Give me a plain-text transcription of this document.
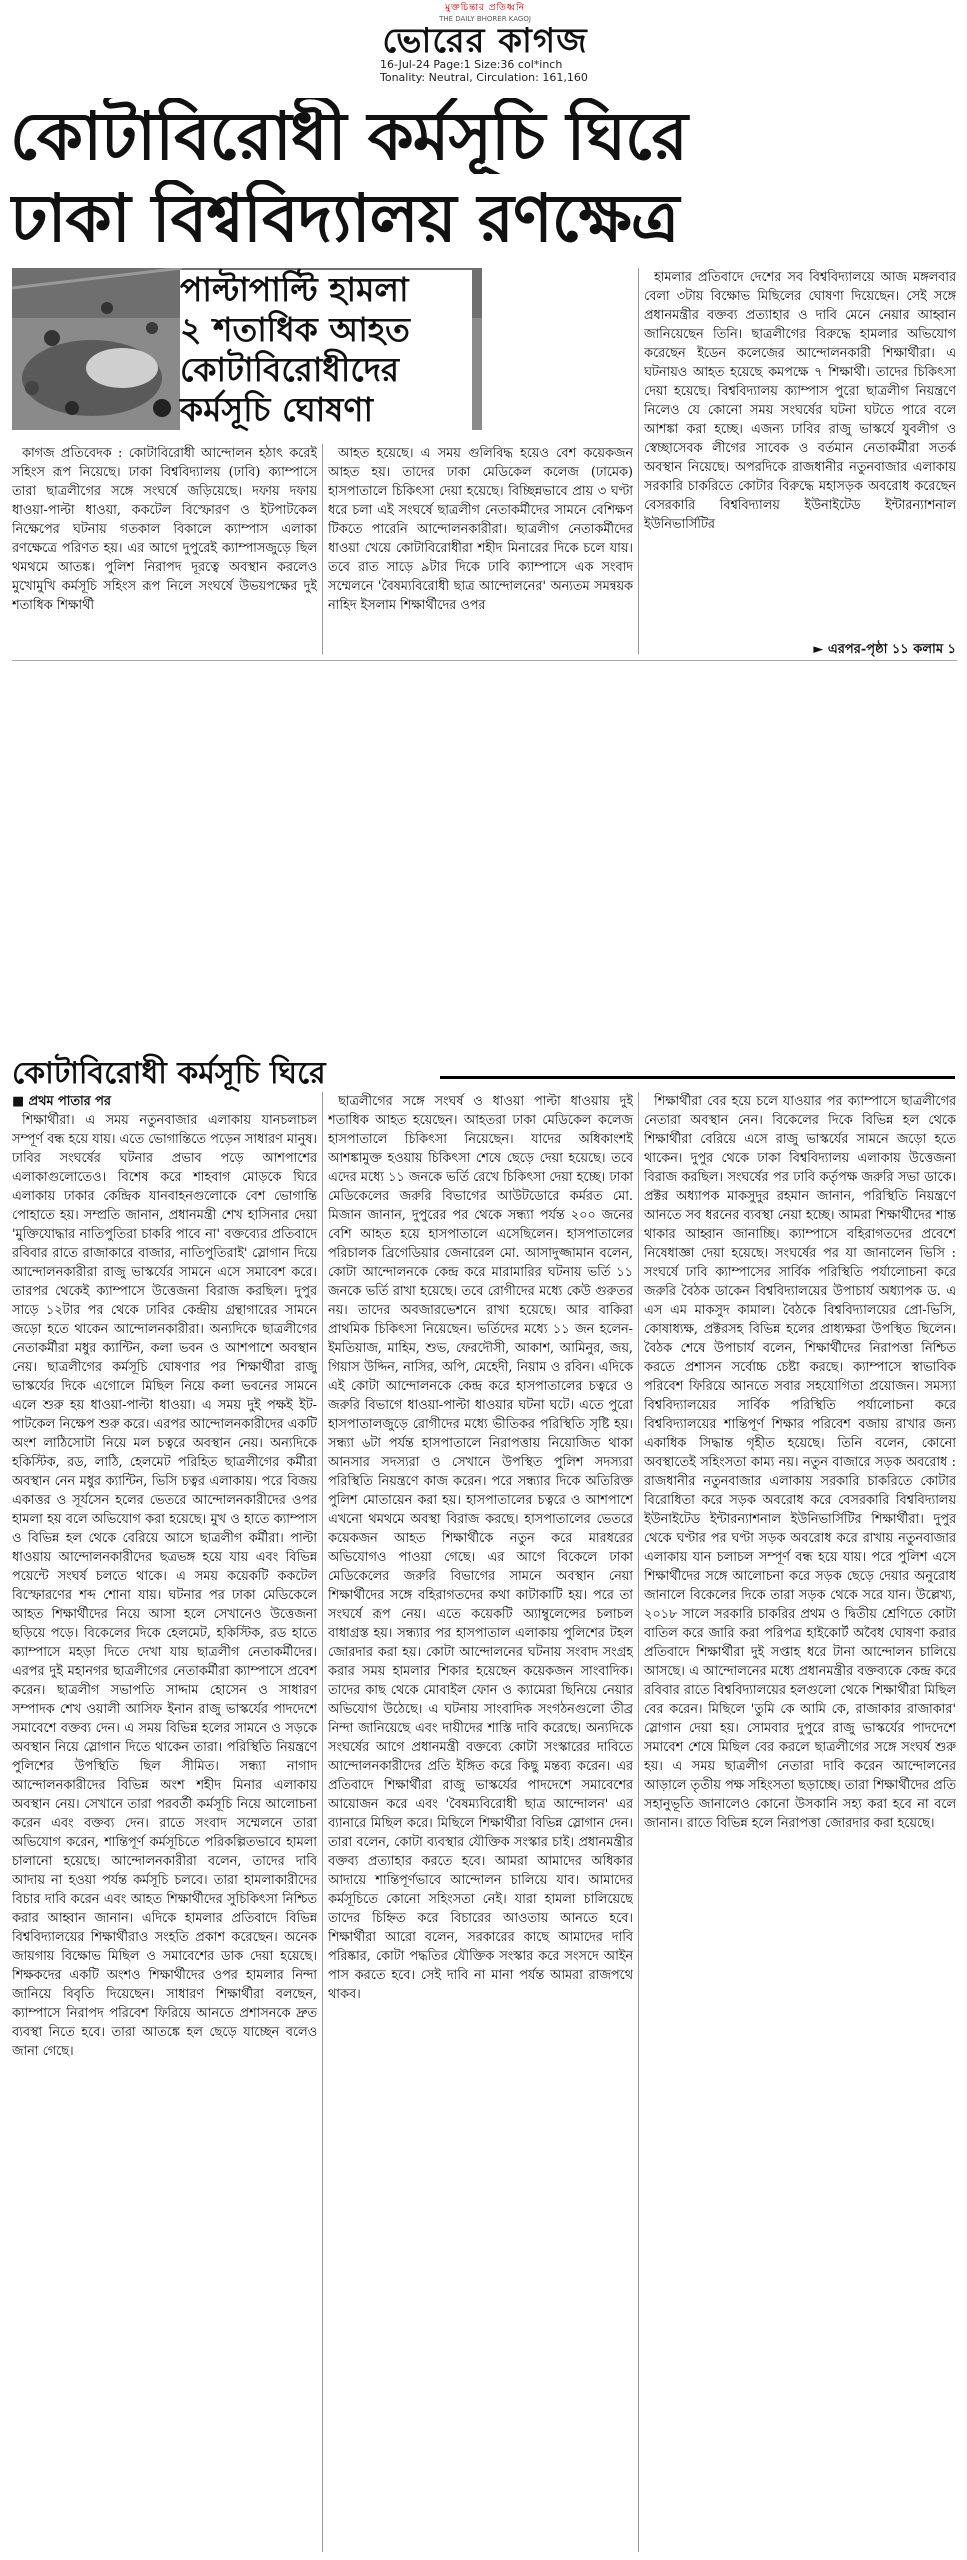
মুক্তচিন্তার প্রতিধ্বনি
THE DAILY BHORER KAGOJ
ভোরের কাগজ
16-Jul-24 Page:1 Size:36 col*inch
Tonality: Neutral, Circulation: 161,160
কোটাবিরোধী কর্মসূচি ঘিরে
ঢাকা বিশ্ববিদ্যালয় রণক্ষেত্র
পাল্টাপাল্টি হামলা
২ শতাধিক আহত
কোটাবিরোধীদের
কর্মসূচি ঘোষণা

কাগজ প্রতিবেদক : কোটাবিরোধী আন্দোলন হঠাৎ করেই সহিংস রূপ নিয়েছে। ঢাকা বিশ্ববিদ্যালয় (ঢাবি) ক্যাম্পাসে তারা ছাত্রলীগের সঙ্গে সংঘর্ষে জড়িয়েছে। দফায় দফায় ধাওয়া-পাল্টা ধাওয়া, ককটেল বিস্ফোরণ ও ইটপাটকেল নিক্ষেপের ঘটনায় গতকাল বিকালে ক্যাম্পাস এলাকা রণক্ষেত্রে পরিণত হয়। এর আগে দুপুরেই ক্যাম্পাসজুড়ে ছিল থমথমে আতঙ্ক। পুলিশ নিরাপদ দূরত্বে অবস্থান করলেও মুখোমুখি কর্মসূচি সহিংস রূপ নিলে সংঘর্ষে উভয়পক্ষের দুই শতাধিক শিক্ষার্থী

আহত হয়েছে। এ সময় গুলিবিদ্ধ হয়েও বেশ কয়েকজন আহত হয়। তাদের ঢাকা মেডিকেল কলেজ (ঢামেক) হাসপাতালে চিকিৎসা দেয়া হয়েছে। বিচ্ছিন্নভাবে প্রায় ৩ ঘণ্টা ধরে চলা এই সংঘর্ষে ছাত্রলীগ নেতাকর্মীদের সামনে বেশিক্ষণ টিকতে পারেনি আন্দোলনকারীরা। ছাত্রলীগ নেতাকর্মীদের ধাওয়া খেয়ে কোটাবিরোধীরা শহীদ মিনারের দিকে চলে যায়। তবে রাত সাড়ে ৯টার দিকে ঢাবি ক্যাম্পাসে এক সংবাদ সম্মেলনে 'বৈষম্যবিরোধী ছাত্র আন্দোলনের' অন্যতম সমন্বয়ক নাহিদ ইসলাম শিক্ষার্থীদের ওপর

হামলার প্রতিবাদে দেশের সব বিশ্ববিদ্যালয়ে আজ মঙ্গলবার বেলা ৩টায় বিক্ষোভ মিছিলের ঘোষণা দিয়েছেন। সেই সঙ্গে প্রধানমন্ত্রীর বক্তব্য প্রত্যাহার ও দাবি মেনে নেয়ার আহ্বান জানিয়েছেন তিনি। ছাত্রলীগের বিরুদ্ধে হামলার অভিযোগ করেছেন ইডেন কলেজের আন্দোলনকারী শিক্ষার্থীরা। এ ঘটনায়ও আহত হয়েছে কমপক্ষে ৭ শিক্ষার্থী। তাদের চিকিৎসা দেয়া হয়েছে। বিশ্ববিদ্যালয় ক্যাম্পাস পুরো ছাত্রলীগ নিয়ন্ত্রণে নিলেও যে কোনো সময় সংঘর্ষের ঘটনা ঘটতে পারে বলে আশঙ্কা করা হচ্ছে। এজন্য ঢাবির রাজু ভাস্কর্যে যুবলীগ ও স্বেচ্ছাসেবক লীগের সাবেক ও বর্তমান নেতাকর্মীরা সতর্ক অবস্থান নিয়েছে। অপরদিকে রাজধানীর নতুনবাজার এলাকায় সরকারি চাকরিতে কোটার বিরুদ্ধে মহাসড়ক অবরোধ করেছেন বেসরকারি বিশ্ববিদ্যালয় ইউনাইটেড ইন্টারন্যাশনাল ইউনিভার্সিটির

► এরপর-পৃষ্ঠা ১১ কলাম ১
কোটাবিরোধী কর্মসূচি ঘিরে
■ প্রথম পাতার পর

শিক্ষার্থীরা। এ সময় নতুনবাজার এলাকায় যানচলাচল সম্পূর্ণ বন্ধ হয়ে যায়। এতে ভোগান্তিতে পড়েন সাধারণ মানুষ। ঢাবির সংঘর্ষের ঘটনার প্রভাব পড়ে আশপাশের এলাকাগুলোতেও। বিশেষ করে শাহবাগ মোড়কে ঘিরে এলাকায় ঢাকার কেন্দ্রিক যানবাহনগুলোকে বেশ ভোগান্তি পোহাতে হয়। সম্প্রতি জানান, প্রধানমন্ত্রী শেখ হাসিনার দেয়া 'মুক্তিযোদ্ধার নাতিপুতিরা চাকরি পাবে না' বক্তব্যের প্রতিবাদে রবিবার রাতে রাজাকারে বাজার, নাতিপুতিরাই' স্লোগান দিয়ে আন্দোলনকারীরা রাজু ভাস্কর্যের সামনে এসে সমাবেশ করে। তারপর থেকেই ক্যাম্পাসে উত্তেজনা বিরাজ করছিল। দুপুর সাড়ে ১২টার পর থেকে ঢাবির কেন্দ্রীয় গ্রন্থাগারের সামনে জড়ো হতে থাকেন আন্দোলনকারীরা। অন্যদিকে ছাত্রলীগের নেতাকর্মীরা মধুর ক্যান্টিন, কলা ভবন ও আশপাশে অবস্থান নেয়। ছাত্রলীগের কর্মসূচি ঘোষণার পর শিক্ষার্থীরা রাজু ভাস্কর্যের দিকে এগোলে মিছিল নিয়ে কলা ভবনের সামনে এলে শুরু হয় ধাওয়া-পাল্টা ধাওয়া। এ সময় দুই পক্ষই ইট-পাটকেল নিক্ষেপ শুরু করে। এরপর আন্দোলনকারীদের একটি অংশ লাঠিসোটা নিয়ে মল চত্বরে অবস্থান নেয়। অন্যদিকে হকিস্টিক, রড, লাঠি, হেলমেট পরিহিত ছাত্রলীগের কর্মীরা অবস্থান নেন মধুর ক্যান্টিন, ভিসি চত্বর এলাকায়। পরে বিজয় একাত্তর ও সূর্যসেন হলের ভেতরে আন্দোলনকারীদের ওপর হামলা হয় বলে অভিযোগ করা হয়েছে। মুখ ও হাতে ক্যাম্পাস ও বিভিন্ন হল থেকে বেরিয়ে আসে ছাত্রলীগ কর্মীরা। পাল্টা ধাওয়ায় আন্দোলনকারীদের ছত্রভঙ্গ হয়ে যায় এবং বিভিন্ন পয়েন্টে সংঘর্ষ চলতে থাকে। এ সময় কয়েকটি ককটেল বিস্ফোরণের শব্দ শোনা যায়। ঘটনার পর ঢাকা মেডিকেলে আহত শিক্ষার্থীদের নিয়ে আসা হলে সেখানেও উত্তেজনা ছড়িয়ে পড়ে। বিকেলের দিকে হেলমেট, হকিস্টিক, রড হাতে ক্যাম্পাসে মহড়া দিতে দেখা যায় ছাত্রলীগ নেতাকর্মীদের। এরপর দুই মহানগর ছাত্রলীগের নেতাকর্মীরা ক্যাম্পাসে প্রবেশ করেন। ছাত্রলীগ সভাপতি সাদ্দাম হোসেন ও সাধারণ সম্পাদক শেখ ওয়ালী আসিফ ইনান রাজু ভাস্কর্যের পাদদেশে সমাবেশে বক্তব্য দেন। এ সময় বিভিন্ন হলের সামনে ও সড়কে অবস্থান নিয়ে স্লোগান দিতে থাকেন তারা। পরিস্থিতি নিয়ন্ত্রণে পুলিশের উপস্থিতি ছিল সীমিত। সন্ধ্যা নাগাদ আন্দোলনকারীদের বিভিন্ন অংশ শহীদ মিনার এলাকায় অবস্থান নেয়। সেখানে তারা পরবর্তী কর্মসূচি নিয়ে আলোচনা করেন এবং বক্তব্য দেন। রাতে সংবাদ সম্মেলনে তারা অভিযোগ করেন, শান্তিপূর্ণ কর্মসূচিতে পরিকল্পিতভাবে হামলা চালানো হয়েছে। আন্দোলনকারীরা বলেন, তাদের দাবি আদায় না হওয়া পর্যন্ত কর্মসূচি চলবে। তারা হামলাকারীদের বিচার দাবি করেন এবং আহত শিক্ষার্থীদের সুচিকিৎসা নিশ্চিত করার আহ্বান জানান। এদিকে হামলার প্রতিবাদে বিভিন্ন বিশ্ববিদ্যালয়ের শিক্ষার্থীরাও সংহতি প্রকাশ করেছেন। অনেক জায়গায় বিক্ষোভ মিছিল ও সমাবেশের ডাক দেয়া হয়েছে। শিক্ষকদের একটি অংশও শিক্ষার্থীদের ওপর হামলার নিন্দা জানিয়ে বিবৃতি দিয়েছেন। সাধারণ শিক্ষার্থীরা বলছেন, ক্যাম্পাসে নিরাপদ পরিবেশ ফিরিয়ে আনতে প্রশাসনকে দ্রুত ব্যবস্থা নিতে হবে। তারা আতঙ্কে হল ছেড়ে যাচ্ছেন বলেও জানা গেছে।

ছাত্রলীগের সঙ্গে সংঘর্ষ ও ধাওয়া পাল্টা ধাওয়ায় দুই শতাধিক আহত হয়েছেন। আহতরা ঢাকা মেডিকেল কলেজ হাসপাতালে চিকিৎসা নিয়েছেন। যাদের অধিকাংশই আশঙ্কামুক্ত হওয়ায় চিকিৎসা শেষে ছেড়ে দেয়া হয়েছে। তবে এদের মধ্যে ১১ জনকে ভর্তি রেখে চিকিৎসা দেয়া হচ্ছে। ঢাকা মেডিকেলের জরুরি বিভাগের আউটডোরে কর্মরত মো. মিজান জানান, দুপুরের পর থেকে সন্ধ্যা পর্যন্ত ২০০ জনের বেশি আহত হয়ে হাসপাতালে এসেছিলেন। হাসপাতালের পরিচালক ব্রিগেডিয়ার জেনারেল মো. আসাদুজ্জামান বলেন, কোটা আন্দোলনকে কেন্দ্র করে মারামারির ঘটনায় ভর্তি ১১ জনকে ভর্তি রাখা হয়েছে। তবে রোগীদের মধ্যে কেউ গুরুতর নয়। তাদের অবজারভেশনে রাখা হয়েছে। আর বাকিরা প্রাথমিক চিকিৎসা নিয়েছেন। ভর্তিদের মধ্যে ১১ জন হলেন- ইমতিয়াজ, মাহিম, শুভ, ফেরদৌসী, আকাশ, আমিনুর, জয়, গিয়াস উদ্দিন, নাসির, অপি, মেহেদী, নিয়াম ও রবিন। এদিকে এই কোটা আন্দোলনকে কেন্দ্র করে হাসপাতালের চত্বরে ও জরুরি বিভাগে ধাওয়া-পাল্টা ধাওয়ার ঘটনা ঘটে। এতে পুরো হাসপাতালজুড়ে রোগীদের মধ্যে ভীতিকর পরিস্থিতি সৃষ্টি হয়। সন্ধ্যা ৬টা পর্যন্ত হাসপাতালে নিরাপত্তায় নিয়োজিত থাকা আনসার সদস্যরা ও সেখানে উপস্থিত পুলিশ সদস্যরা পরিস্থিতি নিয়ন্ত্রণে কাজ করেন। পরে সন্ধ্যার দিকে অতিরিক্ত পুলিশ মোতায়েন করা হয়। হাসপাতালের চত্বরে ও আশপাশে এখনো থমথমে অবস্থা বিরাজ করছে। হাসপাতালের ভেতরে কয়েকজন আহত শিক্ষার্থীকে নতুন করে মারধরের অভিযোগও পাওয়া গেছে। এর আগে বিকেলে ঢাকা মেডিকেলের জরুরি বিভাগের সামনে অবস্থান নেয়া শিক্ষার্থীদের সঙ্গে বহিরাগতদের কথা কাটাকাটি হয়। পরে তা সংঘর্ষে রূপ নেয়। এতে কয়েকটি অ্যাম্বুলেন্সের চলাচল বাধাগ্রস্ত হয়। সন্ধ্যার পর হাসপাতাল এলাকায় পুলিশের টহল জোরদার করা হয়। কোটা আন্দোলনের ঘটনায় সংবাদ সংগ্রহ করার সময় হামলার শিকার হয়েছেন কয়েকজন সাংবাদিক। তাদের কাছ থেকে মোবাইল ফোন ও ক্যামেরা ছিনিয়ে নেয়ার অভিযোগ উঠেছে। এ ঘটনায় সাংবাদিক সংগঠনগুলো তীব্র নিন্দা জানিয়েছে এবং দায়ীদের শাস্তি দাবি করেছে। অন্যদিকে সংঘর্ষের আগে প্রধানমন্ত্রী বক্তব্যে কোটা সংস্কারের দাবিতে আন্দোলনকারীদের প্রতি ইঙ্গিত করে কিছু মন্তব্য করেন। এর প্রতিবাদে শিক্ষার্থীরা রাজু ভাস্কর্যের পাদদেশে সমাবেশের আয়োজন করে এবং 'বৈষম্যবিরোধী ছাত্র আন্দোলন' এর ব্যানারে মিছিল করে। মিছিলে শিক্ষার্থীরা বিভিন্ন স্লোগান দেন। তারা বলেন, কোটা ব্যবস্থার যৌক্তিক সংস্কার চাই। প্রধানমন্ত্রীর বক্তব্য প্রত্যাহার করতে হবে। আমরা আমাদের অধিকার আদায়ে শান্তিপূর্ণভাবে আন্দোলন চালিয়ে যাব। আমাদের কর্মসূচিতে কোনো সহিংসতা নেই। যারা হামলা চালিয়েছে তাদের চিহ্নিত করে বিচারের আওতায় আনতে হবে। শিক্ষার্থীরা আরো বলেন, সরকারের কাছে আমাদের দাবি পরিষ্কার, কোটা পদ্ধতির যৌক্তিক সংস্কার করে সংসদে আইন পাস করতে হবে। সেই দাবি না মানা পর্যন্ত আমরা রাজপথে থাকব।

শিক্ষার্থীরা বের হয়ে চলে যাওয়ার পর ক্যাম্পাসে ছাত্রলীগের নেতারা অবস্থান নেন। বিকেলের দিকে বিভিন্ন হল থেকে শিক্ষার্থীরা বেরিয়ে এসে রাজু ভাস্কর্যের সামনে জড়ো হতে থাকেন। দুপুর থেকে ঢাকা বিশ্ববিদ্যালয় এলাকায় উত্তেজনা বিরাজ করছিল। সংঘর্ষের পর ঢাবি কর্তৃপক্ষ জরুরি সভা ডাকে। প্রক্টর অধ্যাপক মাকসুদুর রহমান জানান, পরিস্থিতি নিয়ন্ত্রণে আনতে সব ধরনের ব্যবস্থা নেয়া হচ্ছে। আমরা শিক্ষার্থীদের শান্ত থাকার আহ্বান জানাচ্ছি। ক্যাম্পাসে বহিরাগতদের প্রবেশে নিষেধাজ্ঞা দেয়া হয়েছে। সংঘর্ষের পর যা জানালেন ভিসি : সংঘর্ষে ঢাবি ক্যাম্পাসের সার্বিক পরিস্থিতি পর্যালোচনা করে জরুরি বৈঠক ডাকেন বিশ্ববিদ্যালয়ের উপাচার্য অধ্যাপক ড. এ এস এম মাকসুদ কামাল। বৈঠকে বিশ্ববিদ্যালয়ের প্রো-ভিসি, কোষাধ্যক্ষ, প্রক্টরসহ বিভিন্ন হলের প্রাধ্যক্ষরা উপস্থিত ছিলেন। বৈঠক শেষে উপাচার্য বলেন, শিক্ষার্থীদের নিরাপত্তা নিশ্চিত করতে প্রশাসন সর্বোচ্চ চেষ্টা করছে। ক্যাম্পাসে স্বাভাবিক পরিবেশ ফিরিয়ে আনতে সবার সহযোগিতা প্রয়োজন। সমস্যা বিশ্ববিদ্যালয়ের সার্বিক পরিস্থিতি পর্যালোচনা করে বিশ্ববিদ্যালয়ের শান্তিপূর্ণ শিক্ষার পরিবেশ বজায় রাখার জন্য একাধিক সিদ্ধান্ত গৃহীত হয়েছে। তিনি বলেন, কোনো অবস্থাতেই সহিংসতা কাম্য নয়। নতুন বাজারে সড়ক অবরোধ : রাজধানীর নতুনবাজার এলাকায় সরকারি চাকরিতে কোটার বিরোধিতা করে সড়ক অবরোধ করে বেসরকারি বিশ্ববিদ্যালয় ইউনাইটেড ইন্টারন্যাশনাল ইউনিভার্সিটির শিক্ষার্থীরা। দুপুর থেকে ঘণ্টার পর ঘণ্টা সড়ক অবরোধ করে রাখায় নতুনবাজার এলাকায় যান চলাচল সম্পূর্ণ বন্ধ হয়ে যায়। পরে পুলিশ এসে শিক্ষার্থীদের সঙ্গে আলোচনা করে সড়ক ছেড়ে দেয়ার অনুরোধ জানালে বিকেলের দিকে তারা সড়ক থেকে সরে যান। উল্লেখ্য, ২০১৮ সালে সরকারি চাকরির প্রথম ও দ্বিতীয় শ্রেণিতে কোটা বাতিল করে জারি করা পরিপত্র হাইকোর্ট অবৈধ ঘোষণা করার প্রতিবাদে শিক্ষার্থীরা দুই সপ্তাহ ধরে টানা আন্দোলন চালিয়ে আসছে। এ আন্দোলনের মধ্যে প্রধানমন্ত্রীর বক্তব্যকে কেন্দ্র করে রবিবার রাতে বিশ্ববিদ্যালয়ের হলগুলো থেকে শিক্ষার্থীরা মিছিল বের করেন। মিছিলে 'তুমি কে আমি কে, রাজাকার রাজাকার' স্লোগান দেয়া হয়। সোমবার দুপুরে রাজু ভাস্কর্যের পাদদেশে সমাবেশ শেষে মিছিল বের করলে ছাত্রলীগের সঙ্গে সংঘর্ষ শুরু হয়। এ সময় ছাত্রলীগ নেতারা দাবি করেন আন্দোলনের আড়ালে তৃতীয় পক্ষ সহিংসতা ছড়াচ্ছে। তারা শিক্ষার্থীদের প্রতি সহানুভূতি জানালেও কোনো উসকানি সহ্য করা হবে না বলে জানান। রাতে বিভিন্ন হলে নিরাপত্তা জোরদার করা হয়েছে।
